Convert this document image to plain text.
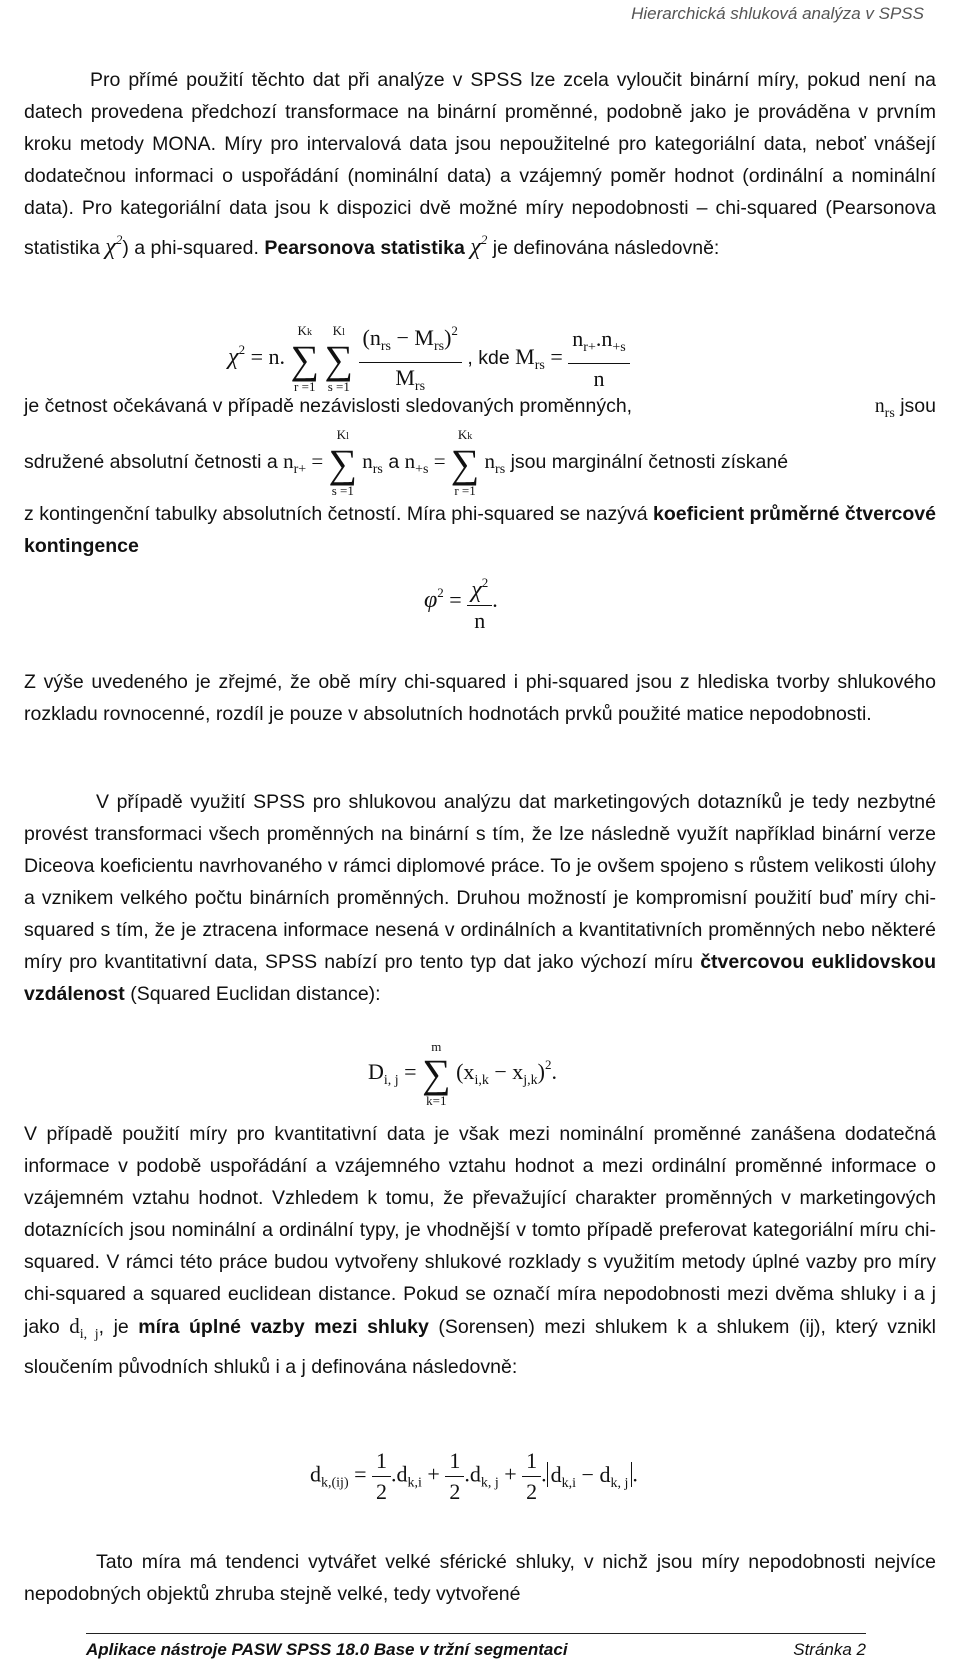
Hierarchická shluková analýza v SPSS
Pro přímé použití těchto dat při analýze v SPSS lze zcela vyloučit binární míry, pokud není na datech provedena předchozí transformace na binární proměnné, podobně jako je prováděna v prvním kroku metody MONA. Míry pro intervalová data jsou nepoužitelné pro kategoriální data, neboť vnášejí dodatečnou informaci o uspořádání (nominální data) a vzájemný poměr hodnot (ordinální a nominální data). Pro kategoriální data jsou k dispozici dvě možné míry nepodobnosti – chi-squared (Pearsonova statistika $\chi^2$) a phi-squared. Pearsonova statistika $\chi^2$ je definována následovně:
$\chi^2 = n$.
Kk
∑
r =1

Kl
∑
s =1
$\frac{(n_{rs} - M_{rs})^2}{M_{rs}}$ , kde $M_{rs} = \frac{n_{r+}.n_{+s}}{n}$
je četnost očekávaná v případě nezávislosti sledovaných proměnných,	$n_{rs}$ jsou
sdružené absolutní četnosti a $n_{r+}$ =
Kl
∑
s =1
$n_{rs}$ a $n_{+s}$ =
Kk
∑
r =1
$n_{rs}$ jsou marginální četnosti získané
z kontingenční tabulky absolutních četností. Míra phi-squared se nazývá koeficient průměrné čtvercové kontingence
$\varphi^2 = \frac{\chi^2}{n}$ .
Z výše uvedeného je zřejmé, že obě míry chi-squared i phi-squared jsou z hlediska tvorby shlukového rozkladu rovnocenné, rozdíl je pouze v absolutních hodnotách prvků použité matice nepodobnosti.
V případě využití SPSS pro shlukovou analýzu dat marketingových dotazníků je tedy nezbytné provést transformaci všech proměnných na binární s tím, že lze následně využít například binární verze Diceova koeficientu navrhovaného v rámci diplomové práce. To je ovšem spojeno s růstem velikosti úlohy a vznikem velkého počtu binárních proměnných. Druhou možností je kompromisní použití buď míry chi-squared s tím, že je ztracena informace nesená v ordinálních a kvantitativních proměnných nebo některé míry pro kvantitativní data, SPSS nabízí pro tento typ dat jako výchozí míru čtvercovou euklidovskou vzdálenost (Squared Euclidan distance):
$D_{i, j}$ =
m
∑
k=1
$(x_{i,k} - x_{j,k})^2$.
V případě použití míry pro kvantitativní data je však mezi nominální proměnné zanášena dodatečná informace v podobě uspořádání a vzájemného vztahu hodnot a mezi ordinální proměnné informace o vzájemném vztahu hodnot. Vzhledem k tomu, že převažující charakter proměnných v marketingových dotaznících jsou nominální a ordinální typy, je vhodnější v tomto případě preferovat kategoriální míru chi-squared. V rámci této práce budou vytvořeny shlukové rozklady s využitím metody úplné vazby pro míry chi-squared a squared euclidean distance. Pokud se označí míra nepodobnosti mezi dvěma shluky i a j jako $d_{i, j}$, je míra úplné vazby mezi shluky (Sorensen) mezi shlukem k a shlukem (ij), který vznikl sloučením původních shluků i a j definována následovně:
$d_{k,(ij)} = \frac{1}{2} .d_{k,i} + \frac{1}{2} .d_{k, j} + \frac{1}{2}$ . $d_{k,i} - d_{k, j}$ .
Tato míra má tendenci vytvářet velké sférické shluky, v nichž jsou míry nepodobnosti nejvíce nepodobných objektů zhruba stejně velké, tedy vytvořené
Aplikace nástroje PASW SPSS 18.0 Base v tržní segmentaci	Stránka 2
